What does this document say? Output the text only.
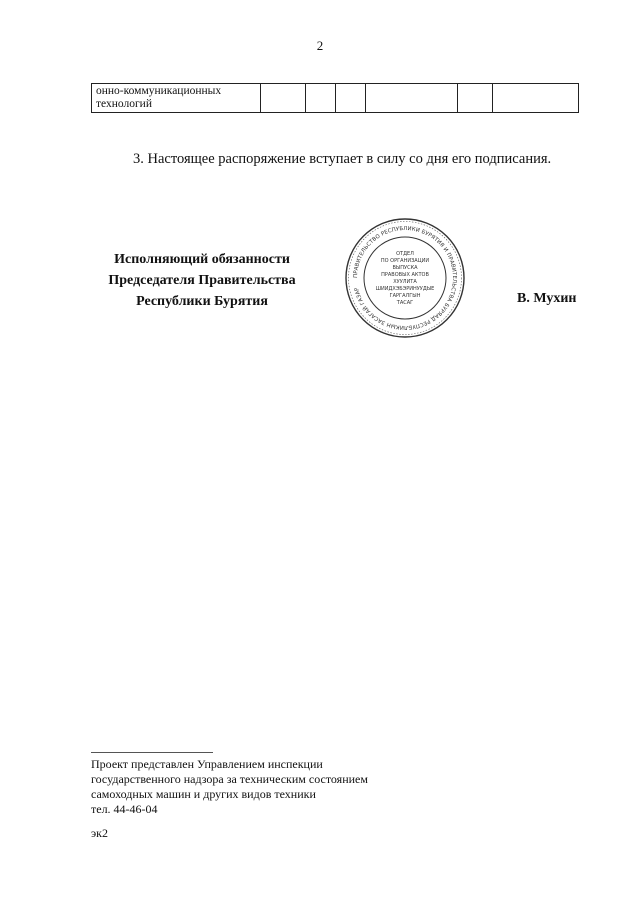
2
онно-коммуникационных технологий						
3. Настоящее распоряжение вступает в силу со дня его подписания.
Исполняющий обязанности
Председателя Правительства
Республики Бурятия
ПРАВИТЕЛЬСТВО РЕСПУБЛИКИ БУРЯТИЯ И ПРАВИТЕЛЬСТВА БУРЯАД РЕСПУБЛИКЫН ЗАСАГАЙ ГАЗАР
ОТДЕЛ
ПО ОРГАНИЗАЦИИ
ВЫПУСКА
ПРАВОВЫХ АКТОВ
ХУУЛИТА
ШИИДХЭБЭРИНУУДЫЕ
ГАРГАЛГЫН
ТАСАГ	В. Мухин
Проект представлен Управлением инспекции
государственного надзора за техническим состоянием
самоходных машин и других видов техники
тел. 44-46-04
эк2
